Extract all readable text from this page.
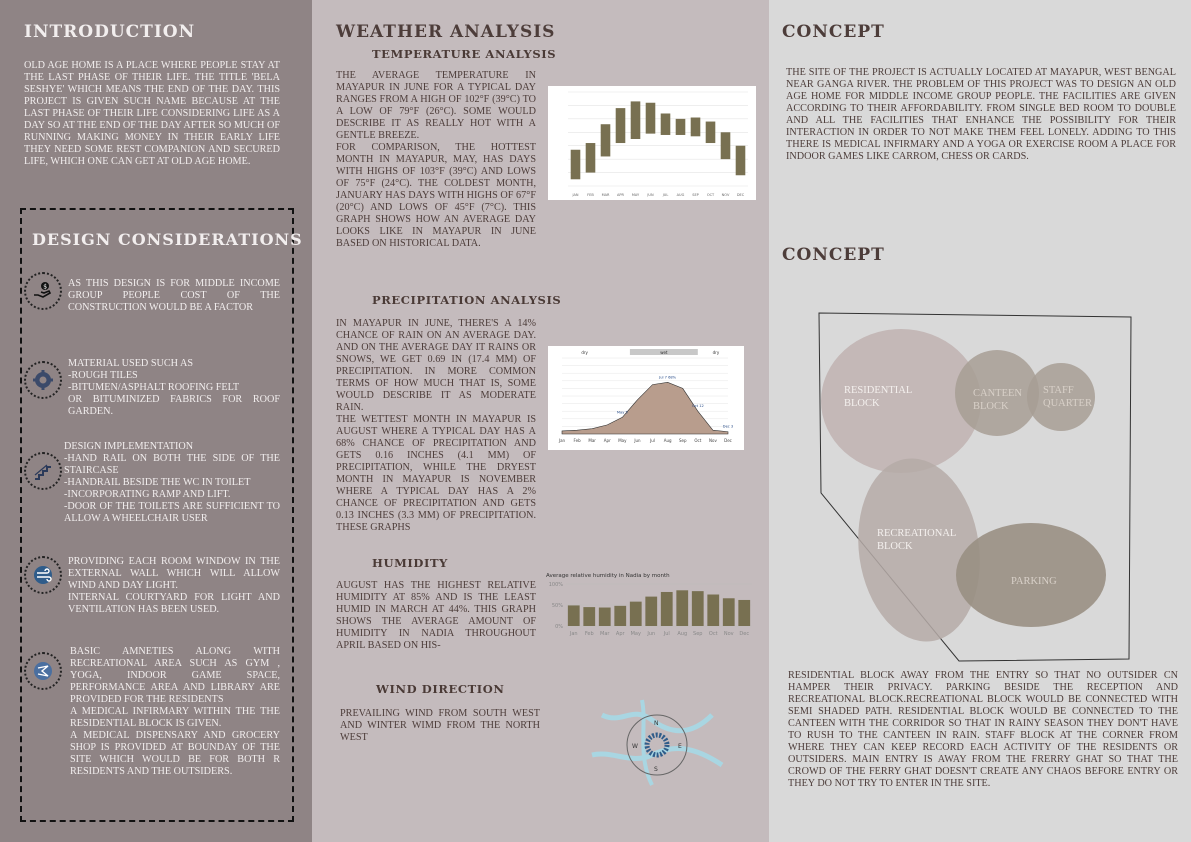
INTRODUCTION
OLD AGE HOME IS A PLACE WHERE PEOPLE STAY AT THE LAST PHASE OF THEIR LIFE. THE TITLE 'BELA SESHYE' WHICH MEANS THE END OF THE DAY. THIS PROJECT IS GIVEN SUCH NAME BECAUSE AT THE LAST PHASE OF THEIR LIFE CONSIDERING LIFE AS A DAY SO AT THE END OF THE DAY AFTER SO MUCH OF RUNNING MAKING MONEY IN THEIR EARLY LIFE THEY NEED SOME REST COMPANION AND SECURED LIFE, WHICH ONE CAN GET AT OLD AGE HOME.
DESIGN CONSIDERATIONS
$ AS THIS DESIGN IS FOR MIDDLE INCOME GROUP PEOPLE COST OF THE CONSTRUCTION WOULD BE A FACTOR
MATERIAL USED SUCH AS
-ROUGH TILES
-BITUMEN/ASPHALT ROOFING FELT
OR BITUMINIZED FABRICS FOR ROOF GARDEN.
DESIGN IMPLEMENTATION
-HAND RAIL ON BOTH THE SIDE OF THE STAIRCASE
-HANDRAIL BESIDE THE WC IN TOILET
-INCORPORATING RAMP AND LIFT.
-DOOR OF THE TOILETS ARE SUFFICIENT TO ALLOW A WHEELCHAIR USER
PROVIDING EACH ROOM WINDOW IN THE EXTERNAL WALL WHICH WILL ALLOW WIND AND DAY LIGHT.
INTERNAL COURTYARD FOR LIGHT AND VENTILATION HAS BEEN USED.
BASIC AMNETIES ALONG WITH RECREATIONAL AREA SUCH AS GYM , YOGA, INDOOR GAME SPACE, PERFORMANCE AREA AND LIBRARY ARE PROVIDED FOR THE RESIDENTS
A MEDICAL INFIRMARY WITHIN THE THE RESIDENTIAL BLOCK IS GIVEN.
A MEDICAL DISPENSARY AND GROCERY SHOP IS PROVIDED AT BOUNDAY OF THE SITE WHICH WOULD BE FOR BOTH R RESIDENTS AND THE OUTSIDERS.
WEATHER ANALYSIS
TEMPERATURE ANALYSIS
THE AVERAGE TEMPERATURE IN MAYAPUR IN JUNE FOR A TYPICAL DAY RANGES FROM A HIGH OF 102°F (39°C) TO A LOW OF 79°F (26°C). SOME WOULD DESCRIBE IT AS REALLY HOT WITH A GENTLE BREEZE.
FOR COMPARISON, THE HOTTEST MONTH IN MAYAPUR, MAY, HAS DAYS WITH HIGHS OF 103°F (39°C) AND LOWS OF 75°F (24°C). THE COLDEST MONTH, JANUARY HAS DAYS WITH HIGHS OF 67°F (20°C) AND LOWS OF 45°F (7°C). THIS GRAPH SHOWS HOW AN AVERAGE DAY LOOKS LIKE IN MAYAPUR IN JUNE BASED ON HISTORICAL DATA.
JAN FEB MAR APR MAY JUN	JUL AUG SEP OCT NOV DEC
PRECIPITATION ANALYSIS
IN MAYAPUR IN JUNE, THERE'S A 14% CHANCE OF RAIN ON AN AVERAGE DAY. AND ON THE AVERAGE DAY IT RAINS OR SNOWS, WE GET 0.69 IN (17.4 MM) OF PRECIPITATION. IN MORE COMMON TERMS OF HOW MUCH THAT IS, SOME WOULD DESCRIBE IT AS MODERATE RAIN.
THE WETTEST MONTH IN MAYAPUR IS AUGUST WHERE A TYPICAL DAY HAS A 68% CHANCE OF PRECIPITATION AND GETS 0.16 INCHES (4.1 MM) OF PRECIPITATION, WHILE THE DRYEST MONTH IN MAYAPUR IS NOVEMBER WHERE A TYPICAL DAY HAS A 2% CHANCE OF PRECIPITATION AND GETS 0.13 INCHES (3.3 MM) OF PRECIPITATION. THESE GRAPHS
dry	wet	dry
Jan Feb Mar Apr May Jun Jul Aug Sep Oct Nov Dec
May 5
Jul 7 68%
Oct 12
Dec 3
HUMIDITY
AUGUST HAS THE HIGHEST RELATIVE HUMIDITY AT 85% AND IS THE LEAST HUMID IN MARCH AT 44%. THIS GRAPH SHOWS THE AVERAGE AMOUNT OF HUMIDITY IN NADIA THROUGHOUT APRIL BASED ON HIS-
Average relative humidity in Nadia by month
0%
50%
100%
Jan Feb Mar Apr May Jun Jul Aug Sep Oct Nov Dec
WIND DIRECTION
PREVAILING WIND FROM SOUTH WEST AND WINTER WIMD FROM THE NORTH WEST
N
S
W	E
CONCEPT
THE SITE OF THE PROJECT IS ACTUALLY LOCATED AT MAYAPUR, WEST BENGAL NEAR GANGA RIVER. THE PROBLEM OF THIS PROJECT WAS TO DESIGN AN OLD AGE HOME FOR MIDDLE INCOME GROUP PEOPLE. THE FACILITIES ARE GIVEN ACCORDING TO THEIR AFFORDABILITY. FROM SINGLE BED ROOM TO DOUBLE AND ALL THE FACILITIES THAT ENHANCE THE POSSIBILITY FOR THEIR INTERACTION IN ORDER TO NOT MAKE THEM FEEL LONELY. ADDING TO THIS THERE IS MEDICAL INFIRMARY AND A YOGA OR EXERCISE ROOM A PLACE FOR INDOOR GAMES LIKE CARROM, CHESS OR CARDS.
CONCEPT
RESIDENTIAL BLOCK
CANTEEN BLOCK
STAFF QUARTER
RECREATIONAL BLOCK
PARKING
RESIDENTIAL BLOCK AWAY FROM THE ENTRY SO THAT NO OUTSIDER CN HAMPER THEIR PRIVACY. PARKING BESIDE THE RECEPTION AND RECREATIONAL BLOCK.RECREATIONAL BLOCK WOULD BE CONNECTED WITH SEMI SHADED PATH. RESIDENTIAL BLOCK WOULD BE CONNECTED TO THE CANTEEN WITH THE CORRIDOR SO THAT IN RAINY SEASON THEY DON'T HAVE TO RUSH TO THE CANTEEN IN RAIN. STAFF BLOCK AT THE CORNER FROM WHERE THEY CAN KEEP RECORD EACH ACTIVITY OF THE RESIDENTS OR OUTSIDERS. MAIN ENTRY IS AWAY FROM THE FRERRY GHAT SO THAT THE CROWD OF THE FERRY GHAT DOESN'T CREATE ANY CHAOS BEFORE ENTRY OR THEY DO NOT TRY TO ENTER IN THE SITE.
